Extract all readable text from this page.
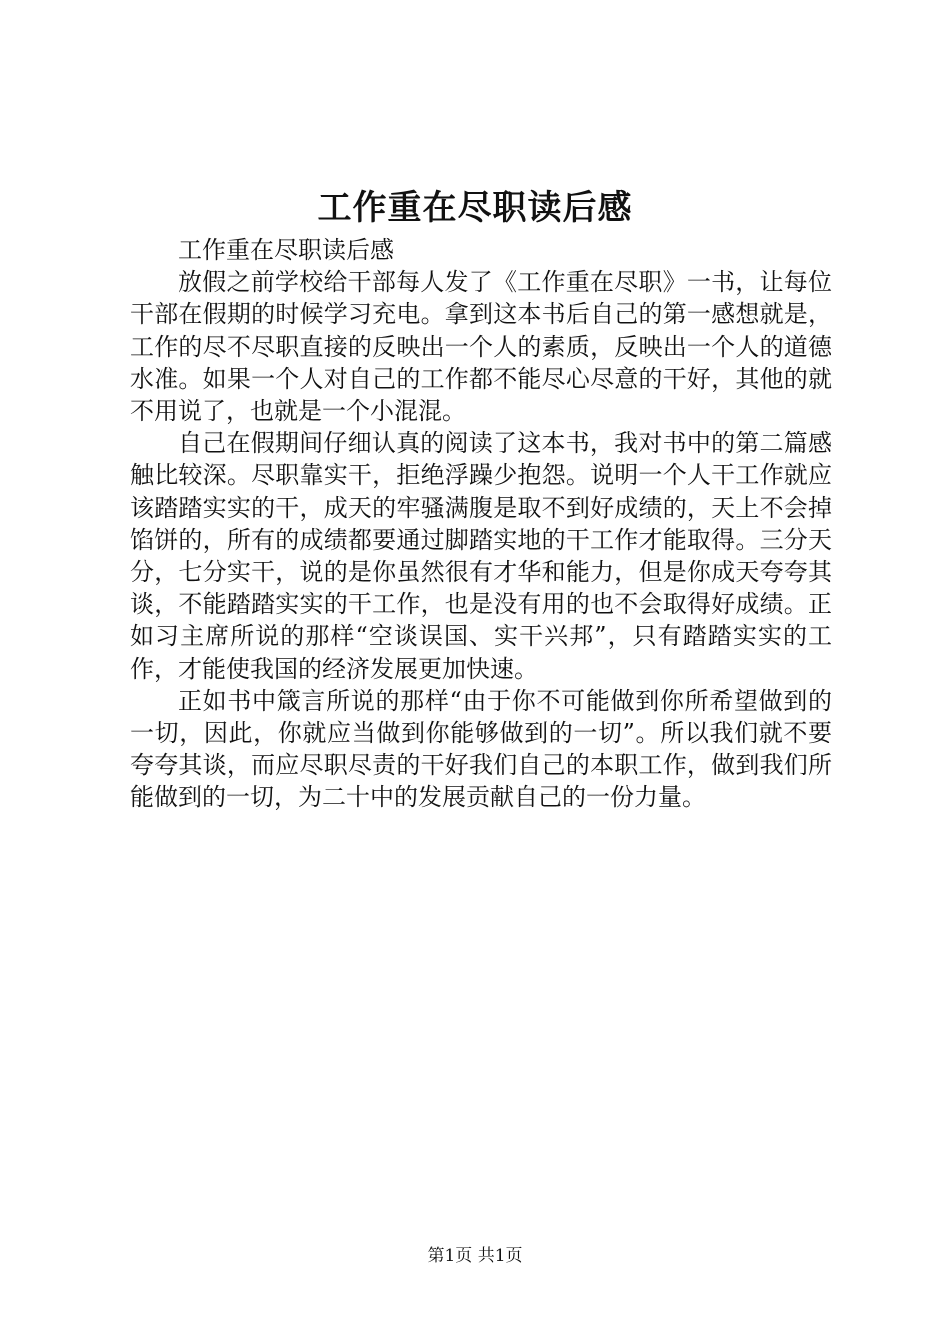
工作重在尽职读后感

工作重在尽职读后感

放假之前学校给干部每人发了《工作重在尽职》一书，让每位干部在假期的时候学习充电。拿到这本书后自己的第一感想就是，工作的尽不尽职直接的反映出一个人的素质，反映出一个人的道德水准。如果一个人对自己的工作都不能尽心尽意的干好，其他的就不用说了，也就是一个小混混。

自己在假期间仔细认真的阅读了这本书，我对书中的第二篇感触比较深。尽职靠实干，拒绝浮躁少抱怨。说明一个人干工作就应该踏踏实实的干，成天的牢骚满腹是取不到好成绩的，天上不会掉馅饼的，所有的成绩都要通过脚踏实地的干工作才能取得。三分天分，七分实干，说的是你虽然很有才华和能力，但是你成天夸夸其谈，不能踏踏实实的干工作，也是没有用的也不会取得好成绩。正如习主席所说的那样“空谈误国、实干兴邦”，只有踏踏实实的工作，才能使我国的经济发展更加快速。

正如书中箴言所说的那样“由于你不可能做到你所希望做到的一切，因此，你就应当做到你能够做到的一切”。所以我们就不要夸夸其谈，而应尽职尽责的干好我们自己的本职工作，做到我们所能做到的一切，为二十中的发展贡献自己的一份力量。

第1页 共1页
